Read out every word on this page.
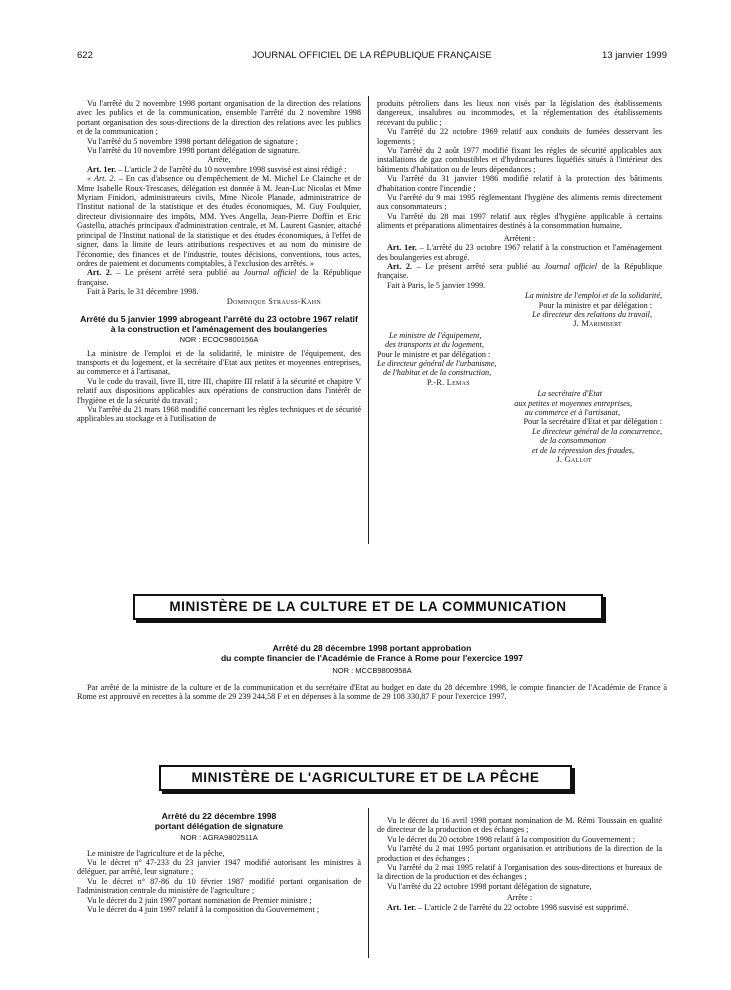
622	JOURNAL OFFICIEL DE LA RÉPUBLIQUE FRANÇAISE	13 janvier 1999

Vu l'arrêté du 2 novembre 1998 portant organisation de la direction des relations avec les publics et de la communication, ensemble l'arrêté du 2 novembre 1998 portant organisation des sous-directions de la direction des relations avec les publics et de la communication ;

Vu l'arrêté du 5 novembre 1998 portant délégation de signature ;

Vu l'arrêté du 10 novembre 1998 portant délégation de signature.

Arrête,

Art. 1er. – L'article 2 de l'arrêté du 10 novembre 1998 susvisé est ainsi rédigé :

« Art. 2. – En cas d'absence ou d'empêchement de M. Michel Le Clainche et de Mme Isabelle Roux-Trescases, délégation est donnée à M. Jean-Luc Nicolas et Mme Myriam Finidori, administrateurs civils, Mme Nicole Planade, administratrice de l'Institut national de la statistique et des études économiques, M. Guy Foulquier, directeur divisionnaire des impôts, MM. Yves Angella, Jean-Pierre Doffin et Eric Gastellu, attachés principaux d'administration centrale, et M. Laurent Gasnier, attaché principal de l'Institut national de la statistique et des études économiques, à l'effet de signer, dans la limite de leurs attributions respectives et au nom du ministre de l'économie, des finances et de l'industrie, toutes décisions, conventions, tous actes, ordres de paiement et documents comptables, à l'exclusion des arrêtés. »

Art. 2. – Le présent arrêté sera publié au Journal officiel de la République française.

Fait à Paris, le 31 décembre 1998.

Dominique Strauss-Kahn

Arrêté du 5 janvier 1999 abrogeant l'arrêté du 23 octobre 1967 relatif à la construction et l'aménagement des boulangeries

NOR : ECOC9800156A

La ministre de l'emploi et de la solidarité, le ministre de l'équipement, des transports et du logement, et la secrétaire d'Etat aux petites et moyennes entreprises, au commerce et à l'artisanat,

Vu le code du travail, livre II, titre III, chapitre III relatif à la sécurité et chapitre V relatif aux dispositions applicables aux opérations de construction dans l'intérêt de l'hygiène et de la sécurité du travail ;

Vu l'arrêté du 21 mars 1968 modifié concernant les règles techniques et de sécurité applicables au stockage et à l'utilisation de

produits pétroliers dans les lieux non visés par la législation des établissements dangereux, insalubres ou incommodes, et la réglementation des établissements recevant du public ;

Vu l'arrêté du 22 octobre 1969 relatif aux conduits de fumées desservant les logements ;

Vu l'arrêté du 2 août 1977 modifié fixant les règles de sécurité applicables aux installations de gaz combustibles et d'hydrocarbures liquéfiés situés à l'intérieur des bâtiments d'habitation ou de leurs dépendances ;

Vu l'arrêté du 31 janvier 1986 modifié relatif à la protection des bâtiments d'habitation contre l'incendie ;

Vu l'arrêté du 9 mai 1995 réglementant l'hygiène des aliments remis directement aux consommateurs ;

Vu l'arrêté du 28 mai 1997 relatif aux règles d'hygiène applicable à certains aliments et préparations alimentaires destinés à la consommation humaine,

Arrêtent :

Art. 1er. – L'arrêté du 23 octobre 1967 relatif à la construction et l'aménagement des boulangeries est abrogé.

Art. 2. – Le présent arrêté sera publié au Journal officiel de la République française.

Fait à Paris, le 5 janvier 1999.

La ministre de l'emploi et de la solidarité,
Pour la ministre et par délégation :
Le directeur des relations du travail,
J. Marimbert
Le ministre de l'équipement,
des transports et du logement,
Pour le ministre et par délégation :
Le directeur général de l'urbanisme,
de l'habitat et de la construction,
P.-R. Lemas
La secrétaire d'Etat
aux petites et moyennes entreprises,
au commerce et à l'artisanat,
Pour la secrétaire d'Etat et par délégation :
Le directeur général de la concurrence,
de la consommation
et de la répression des fraudes,
J. Gallot
MINISTÈRE DE LA CULTURE ET DE LA COMMUNICATION

Arrêté du 28 décembre 1998 portant approbation

du compte financier de l'Académie de France à Rome pour l'exercice 1997

NOR : MCCB9800958A

Par arrêté de la ministre de la culture et de la communication et du secrétaire d'Etat au budget en date du 28 décembre 1998, le compte financier de l'Académie de France à Rome est approuvé en recettes à la somme de 29 239 244,58 F et en dépenses à la somme de 29 108 330,87 F pour l'exercice 1997.

MINISTÈRE DE L'AGRICULTURE ET DE LA PÊCHE

Arrêté du 22 décembre 1998

portant délégation de signature

NOR : AGRA9802511A

Le ministre de l'agriculture et de la pêche,

Vu le décret n° 47-233 du 23 janvier 1947 modifié autorisant les ministres à déléguer, par arrêté, leur signature ;

Vu le décret n° 87-86 du 10 février 1987 modifié portant organisation de l'administration centrale du ministère de l'agriculture ;

Vu le décret du 2 juin 1997 portant nomination de Premier ministre ;

Vu le décret du 4 juin 1997 relatif à la composition du Gouvernement ;

Vu le décret du 16 avril 1998 portant nomination de M. Rémi Toussain en qualité de directeur de la production et des échanges ;

Vu le décret du 20 octobre 1998 relatif à la composition du Gouvernement ;

Vu l'arrêté du 2 mai 1995 portant organisation et attributions de la direction de la production et des échanges ;

Vu l'arrêté du 2 mai 1995 relatif à l'organisation des sous-directions et bureaux de la direction de la production et des échanges ;

Vu l'arrêté du 22 octobre 1998 portant délégation de signature,

Arrête :

Art. 1er. – L'article 2 de l'arrêté du 22 octobre 1998 susvisé est supprimé.
